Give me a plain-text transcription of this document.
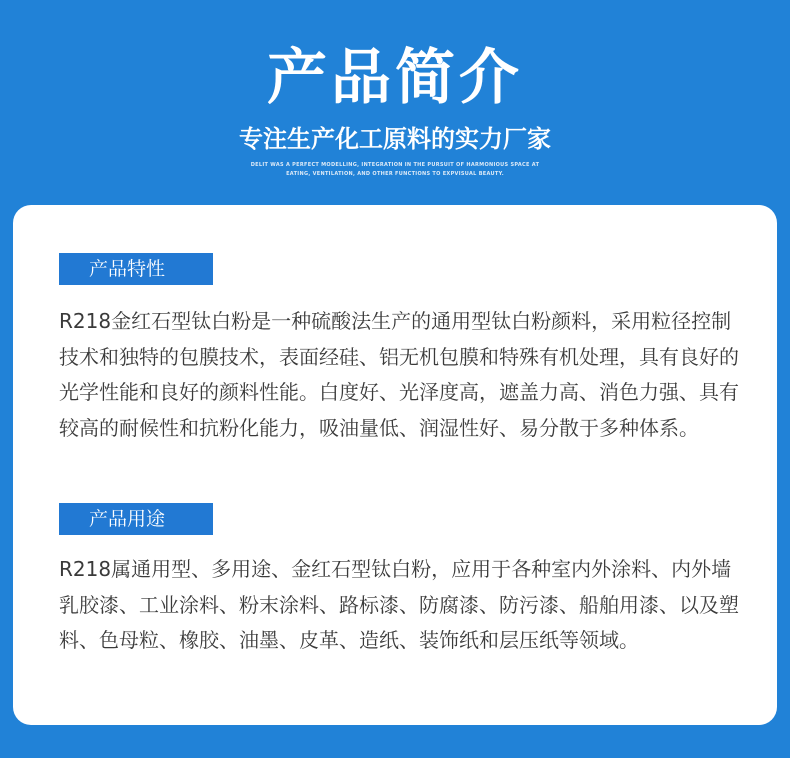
产品简介
专注生产化工原料的实力厂家
DELIT WAS A PERFECT MODELLING, INTEGRATION IN THE PURSUIT OF HARMONIOUS SPACE AT
EATING, VENTILATION, AND OTHER FUNCTIONS TO EXPVISUAL BEAUTY.
产品特性
R218金红石型钛白粉是一种硫酸法生产的通用型钛白粉颜料，采用粒径控制技术和独特的包膜技术，表面经硅、铝无机包膜和特殊有机处理，具有良好的光学性能和良好的颜料性能。白度好、光泽度高，遮盖力高、消色力强、具有较高的耐候性和抗粉化能力，吸油量低、润湿性好、易分散于多种体系。
产品用途
R218属通用型、多用途、金红石型钛白粉，应用于各种室内外涂料、内外墙乳胶漆、工业涂料、粉末涂料、路标漆、防腐漆、防污漆、船舶用漆、以及塑料、色母粒、橡胶、油墨、皮革、造纸、装饰纸和层压纸等领域。
